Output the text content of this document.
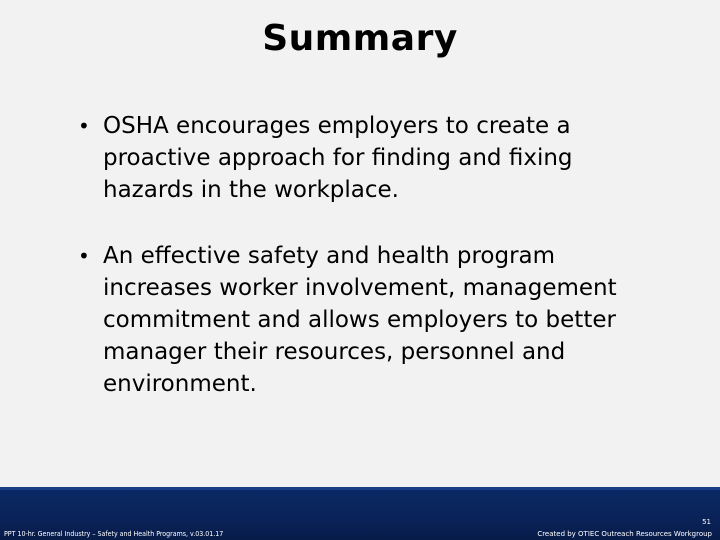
Summary
• OSHA encourages employers to create a proactive approach for finding and fixing hazards in the workplace.
• An effective safety and health program increases worker involvement, management commitment and allows employers to better manager their resources, personnel and environment.
PPT 10-hr. General Industry – Safety and Health Programs, v.03.01.17
51
Created by OTIEC Outreach Resources Workgroup
